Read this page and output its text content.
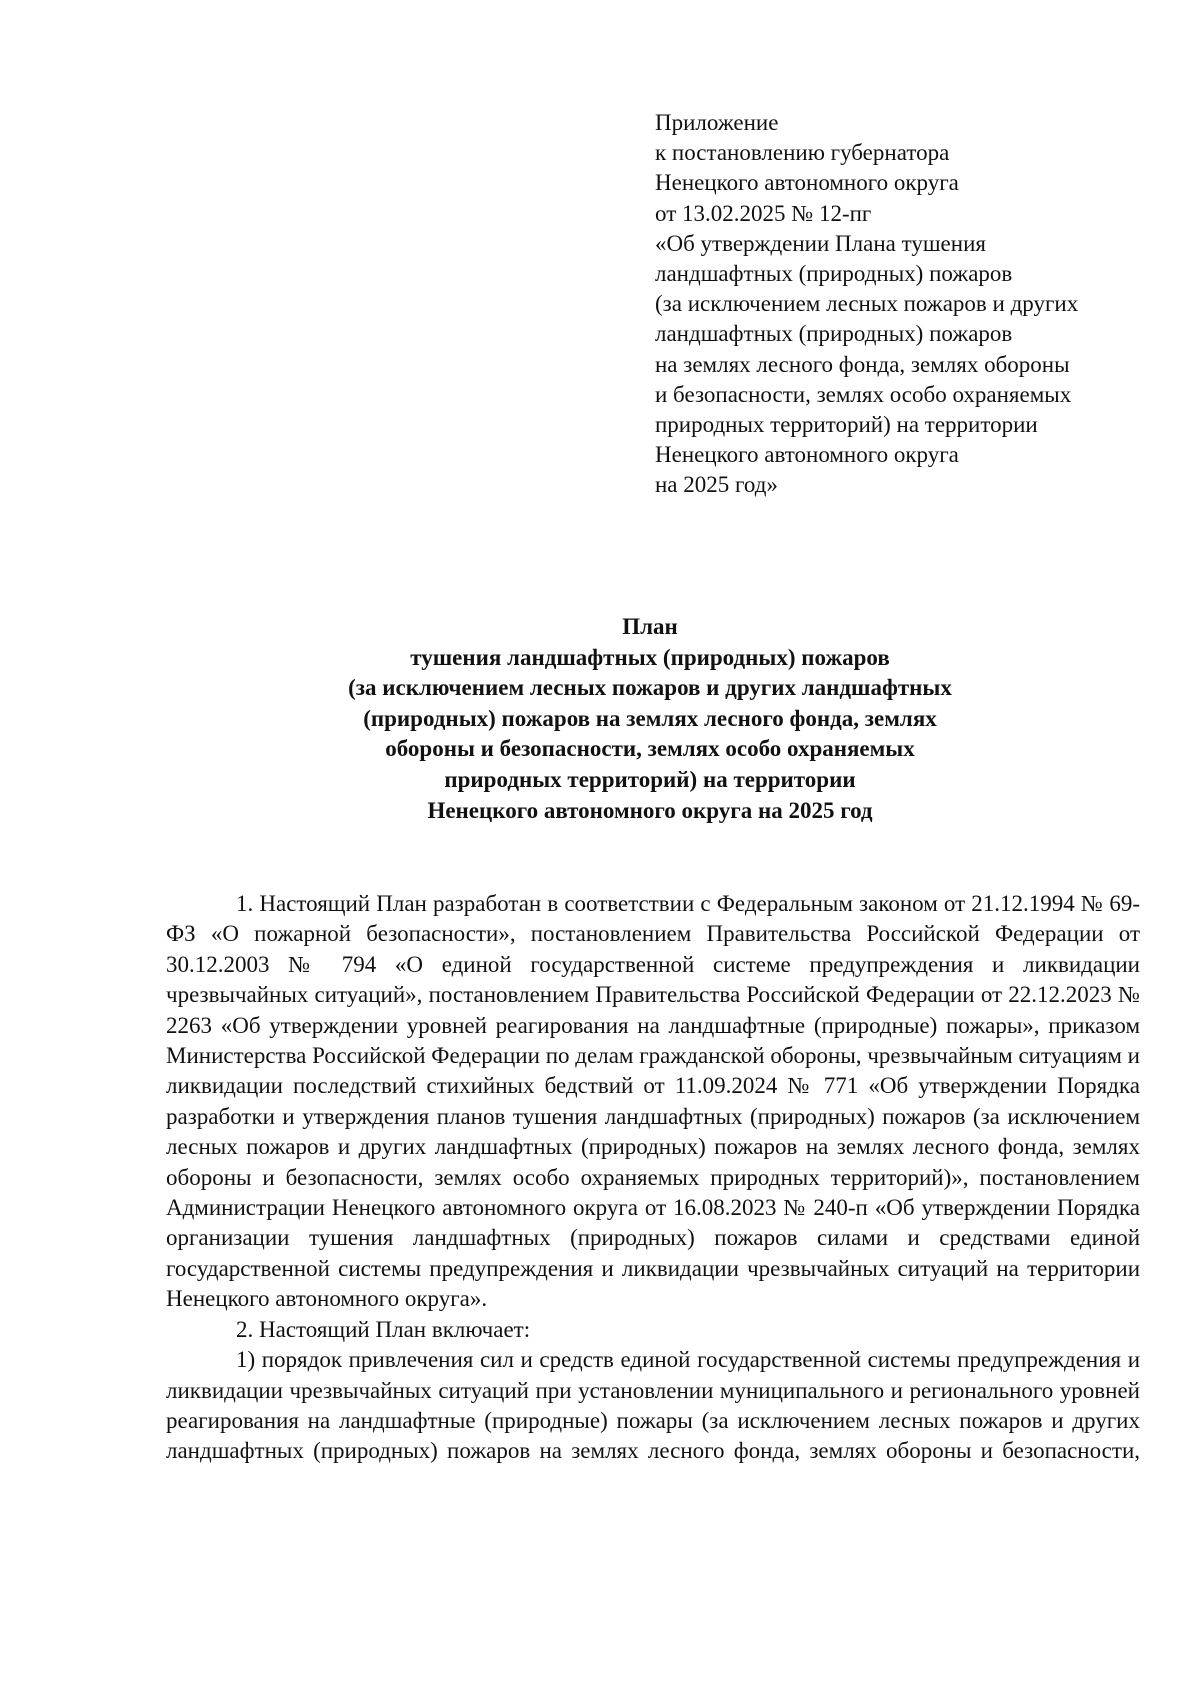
Приложение
к постановлению губернатора
Ненецкого автономного округа
от 13.02.2025 № 12-пг
«Об утверждении Плана тушения
ландшафтных (природных) пожаров
(за исключением лесных пожаров и других
ландшафтных (природных) пожаров
на землях лесного фонда, землях обороны
и безопасности, землях особо охраняемых
природных территорий) на территории
Ненецкого автономного округа
на 2025 год»
План
тушения ландшафтных (природных) пожаров
(за исключением лесных пожаров и других ландшафтных
(природных) пожаров на землях лесного фонда, землях
обороны и безопасности, землях особо охраняемых
природных территорий) на территории
Ненецкого автономного округа на 2025 год

1. Настоящий План разработан в соответствии с Федеральным законом от 21.12.1994 № 69-ФЗ «О пожарной безопасности», постановлением Правительства Российской Федерации от 30.12.2003 № 794 «О единой государственной системе предупреждения и ликвидации чрезвычайных ситуаций», постановлением Правительства Российской Федерации от 22.12.2023 № 2263 «Об утверждении уровней реагирования на ландшафтные (природные) пожары», приказом Министерства Российской Федерации по делам гражданской обороны, чрезвычайным ситуациям и ликвидации последствий стихийных бедствий от 11.09.2024 № 771 «Об утверждении Порядка разработки и утверждения планов тушения ландшафтных (природных) пожаров (за исключением лесных пожаров и других ландшафтных (природных) пожаров на землях лесного фонда, землях обороны и безопасности, землях особо охраняемых природных территорий)», постановлением Администрации Ненецкого автономного округа от 16.08.2023 № 240-п «Об утверждении Порядка организации тушения ландшафтных (природных) пожаров силами и средствами единой государственной системы предупреждения и ликвидации чрезвычайных ситуаций на территории Ненецкого автономного округа».

2. Настоящий План включает:

1) порядок привлечения сил и средств единой государственной системы предупреждения и ликвидации чрезвычайных ситуаций при установлении муниципального и регионального уровней реагирования на ландшафтные (природные) пожары (за исключением лесных пожаров и других ландшафтных (природных) пожаров на землях лесного фонда, землях обороны и безопасности,
